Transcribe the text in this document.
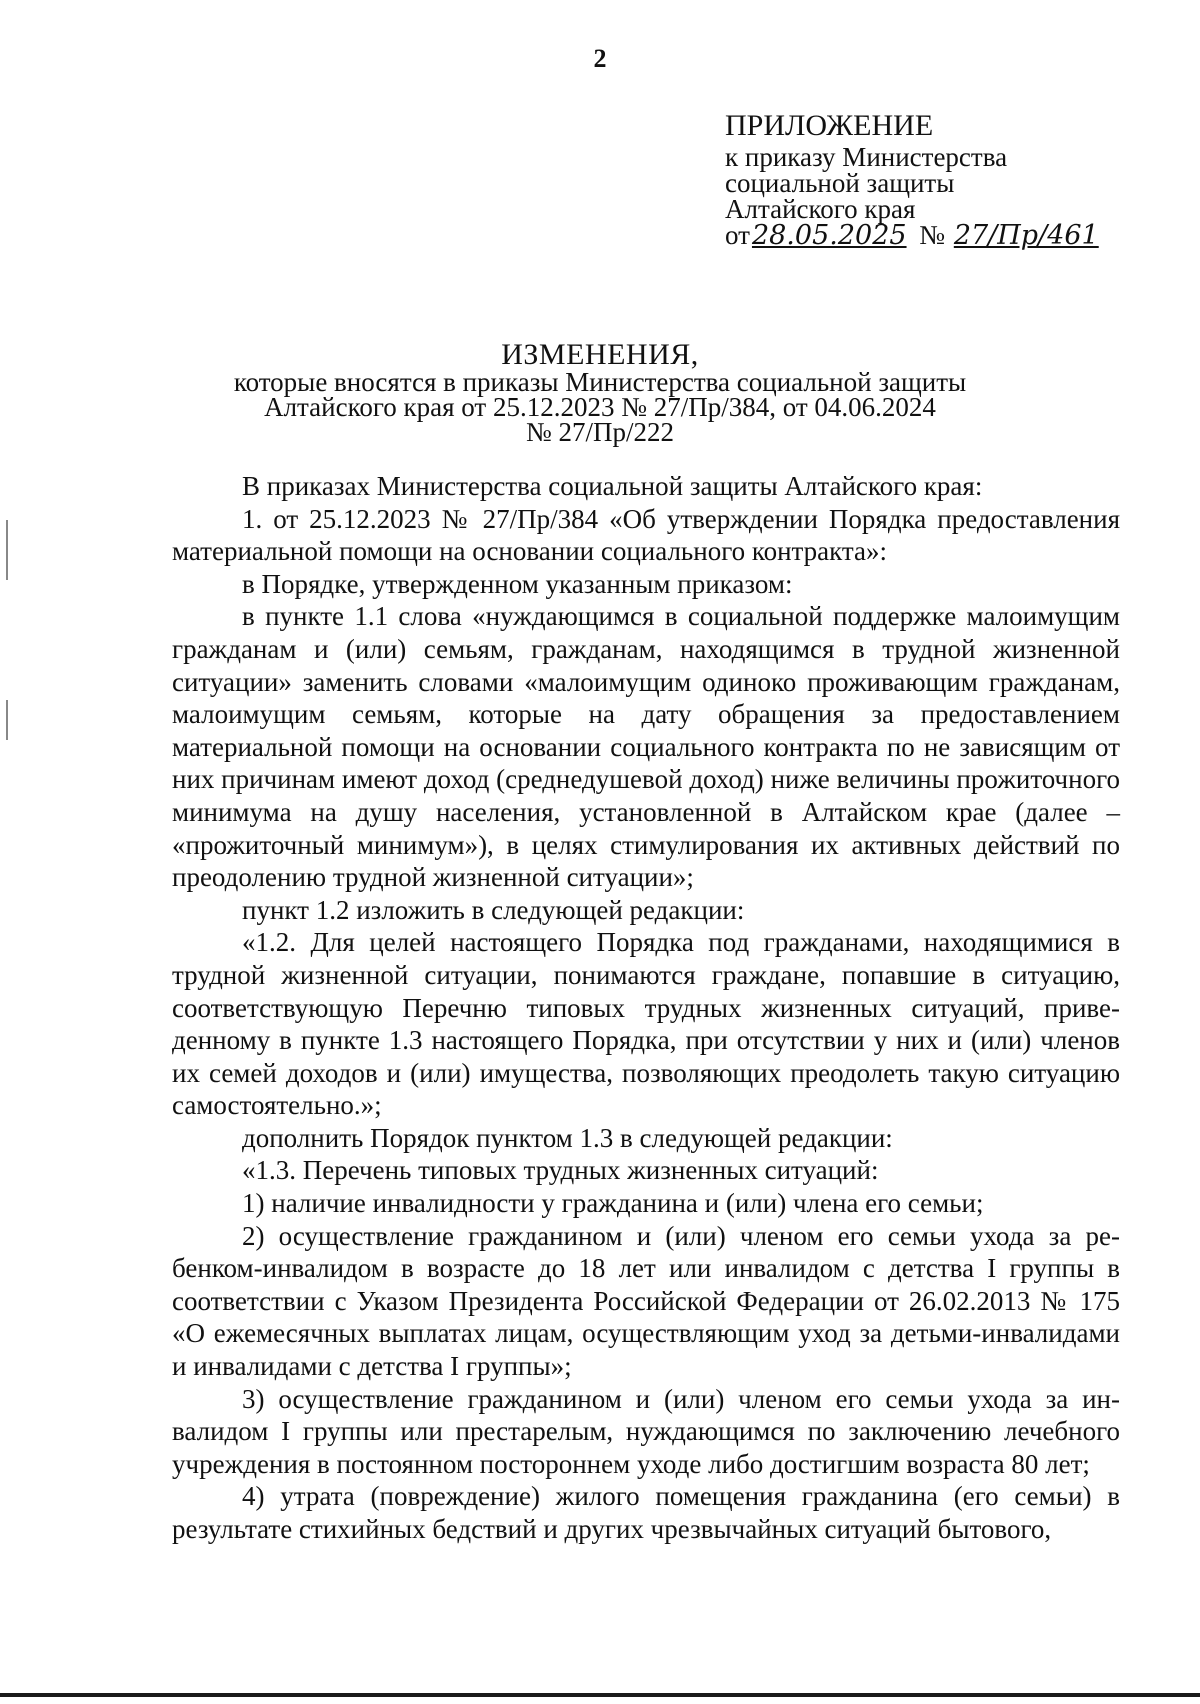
2
ПРИЛОЖЕНИЕ
к приказу Министерства
социальной защиты
Алтайского края
от28.05.2025 № 27/Пр/461
ИЗМЕНЕНИЯ,
которые вносятся в приказы Министерства социальной защиты
Алтайского края от 25.12.2023 № 27/Пр/384, от 04.06.2024
№ 27/Пр/222

В приказах Министерства социальной защиты Алтайского края:

1. от 25.12.2023 № 27/Пр/384 «Об утверждении Порядка предоставления материальной помощи на основании социального контракта»:

в Порядке, утвержденном указанным приказом:

в пункте 1.1 слова «нуждающимся в социальной поддержке малоимущим гражданам и (или) семьям, гражданам, находящимся в трудной жизненной ситуации» заменить словами «малоимущим одиноко проживающим гражданам, малоимущим семьям, которые на дату обращения за предоставлением материальной помощи на основании социального контракта по не зависящим от них причинам имеют доход (среднедушевой доход) ниже величины прожиточного минимума на душу населения, установленной в Алтайском крае (далее – «прожиточный минимум»), в целях стимулирования их активных действий по преодолению трудной жизненной ситуации»;

пункт 1.2 изложить в следующей редакции:

«1.2. Для целей настоящего Порядка под гражданами, находящимися в трудной жизненной ситуации, понимаются граждане, попавшие в ситуацию, соответствующую Перечню типовых трудных жизненных ситуаций, приведенному в пункте 1.3 настоящего Порядка, при отсутствии у них и (или) членов их семей доходов и (или) имущества, позволяющих преодолеть такую ситуацию самостоятельно.»;

дополнить Порядок пунктом 1.3 в следующей редакции:

«1.3. Перечень типовых трудных жизненных ситуаций:

1) наличие инвалидности у гражданина и (или) члена его семьи;

2) осуществление гражданином и (или) членом его семьи ухода за ребенком-инвалидом в возрасте до 18 лет или инвалидом с детства I группы в соответствии с Указом Президента Российской Федерации от 26.02.2013 № 175 «О ежемесячных выплатах лицам, осуществляющим уход за детьми-инвалидами и инвалидами с детства I группы»;

3) осуществление гражданином и (или) членом его семьи ухода за инвалидом I группы или престарелым, нуждающимся по заключению лечебного учреждения в постоянном постороннем уходе либо достигшим возраста 80 лет;

4) утрата (повреждение) жилого помещения гражданина (его семьи) в результате стихийных бедствий и других чрезвычайных ситуаций бытового,
